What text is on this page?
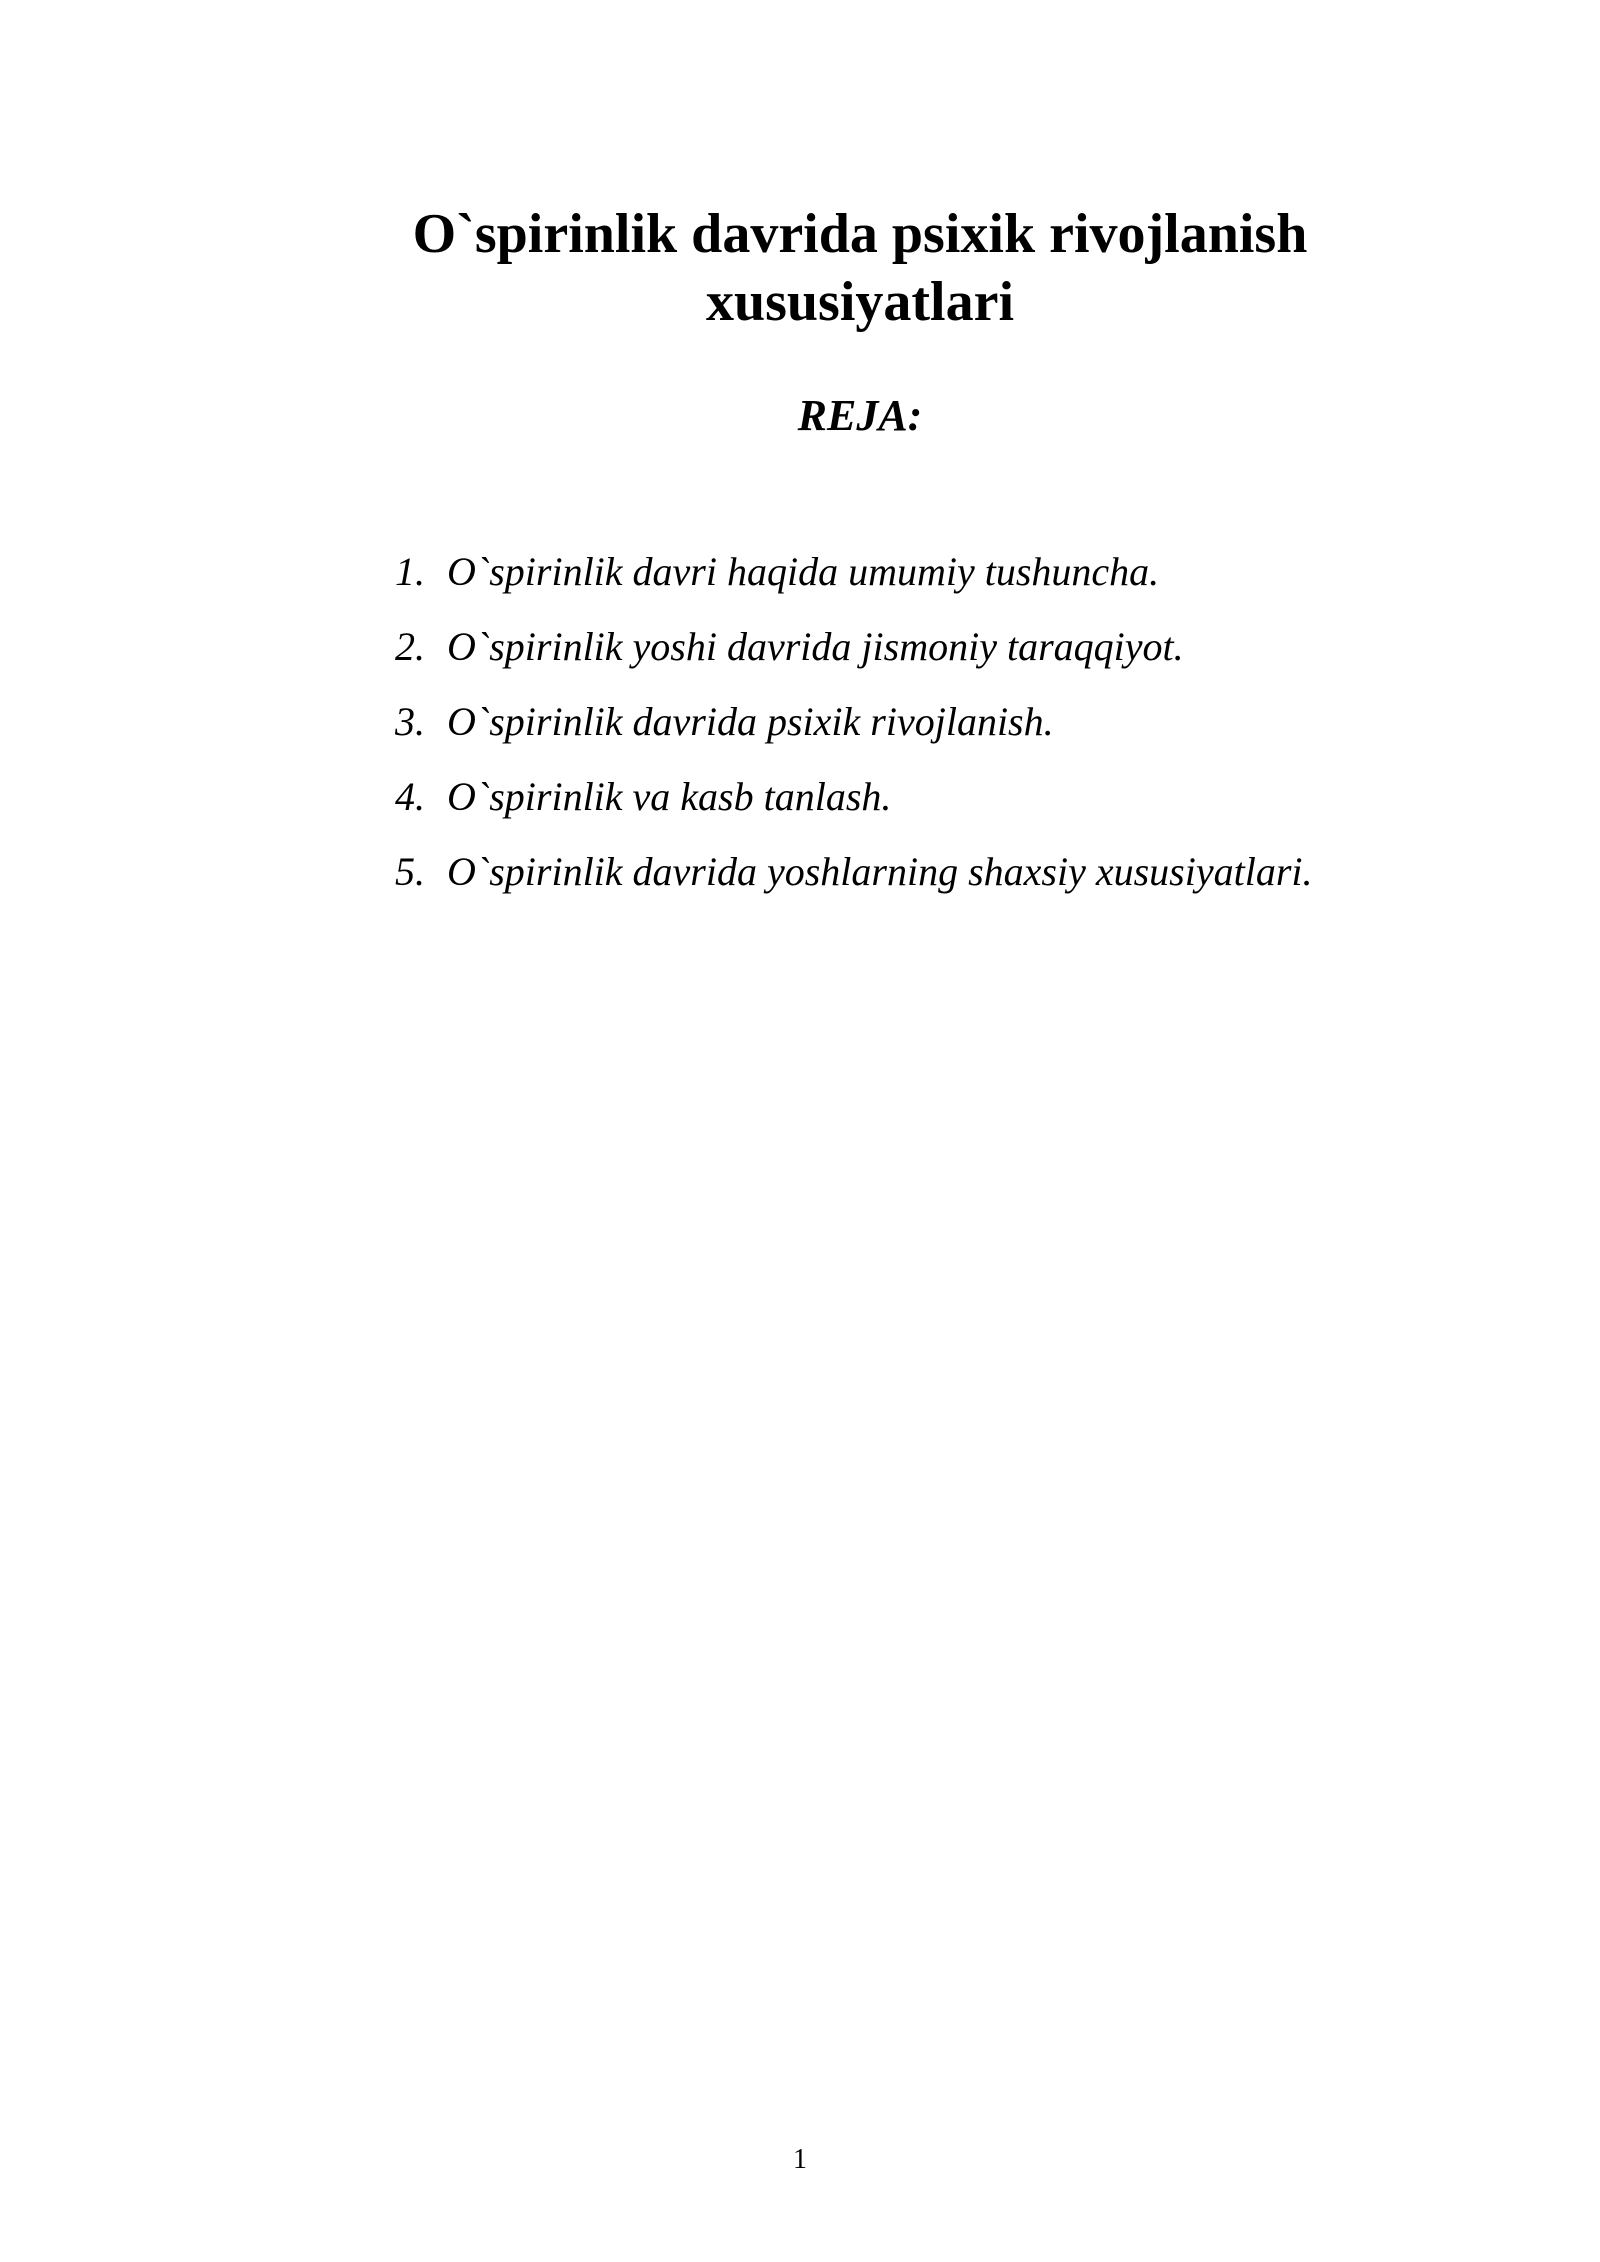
O`spirinlik davrida psixik rivojlanish
xususiyatlari
REJA:
1. O`spirinlik davri haqida umumiy tushuncha.
2. O`spirinlik yoshi davrida jismoniy taraqqiyot.
3. O`spirinlik davrida psixik rivojlanish.
4. O`spirinlik va kasb tanlash.
5. O`spirinlik davrida yoshlarning shaxsiy xususiyatlari.
1
